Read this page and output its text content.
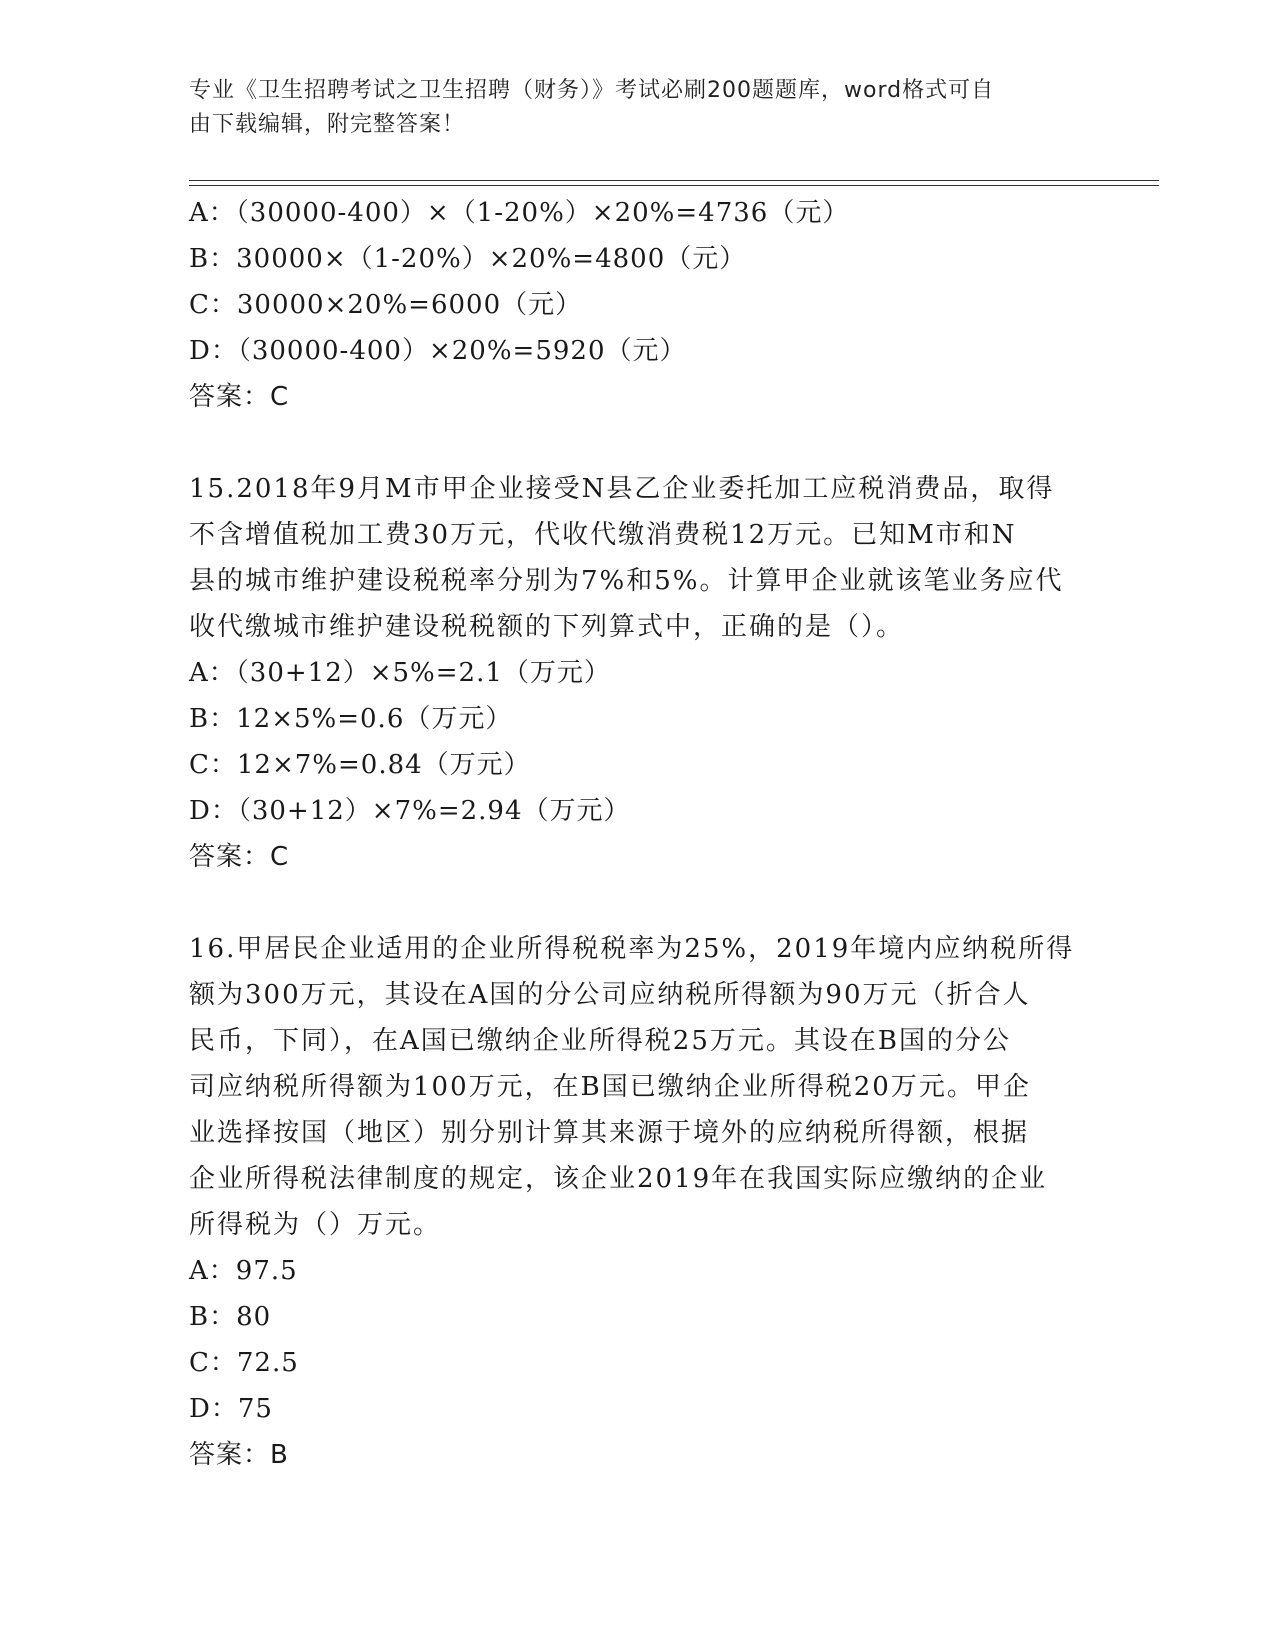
专业《卫生招聘考试之卫生招聘（财务）》考试必刷200题题库，word格式可自
由下载编辑，附完整答案！
A：（30000-400）×（1-20%）×20%=4736（元）
B：30000×（1-20%）×20%=4800（元）
C：30000×20%=6000（元）
D：（30000-400）×20%=5920（元）
答案：C
15.2018年9月M市甲企业接受N县乙企业委托加工应税消费品，取得
不含增值税加工费30万元，代收代缴消费税12万元。已知M市和N
县的城市维护建设税税率分别为7%和5%。计算甲企业就该笔业务应代
收代缴城市维护建设税税额的下列算式中，正确的是（）。
A：（30+12）×5%=2.1（万元）
B：12×5%=0.6（万元）
C：12×7%=0.84（万元）
D：（30+12）×7%=2.94（万元）
答案：C
16.甲居民企业适用的企业所得税税率为25%，2019年境内应纳税所得
额为300万元，其设在A国的分公司应纳税所得额为90万元（折合人
民币，下同），在A国已缴纳企业所得税25万元。其设在B国的分公
司应纳税所得额为100万元，在B国已缴纳企业所得税20万元。甲企
业选择按国（地区）别分别计算其来源于境外的应纳税所得额，根据
企业所得税法律制度的规定，该企业2019年在我国实际应缴纳的企业
所得税为（）万元。
A：97.5
B：80
C：72.5
D：75
答案：B
